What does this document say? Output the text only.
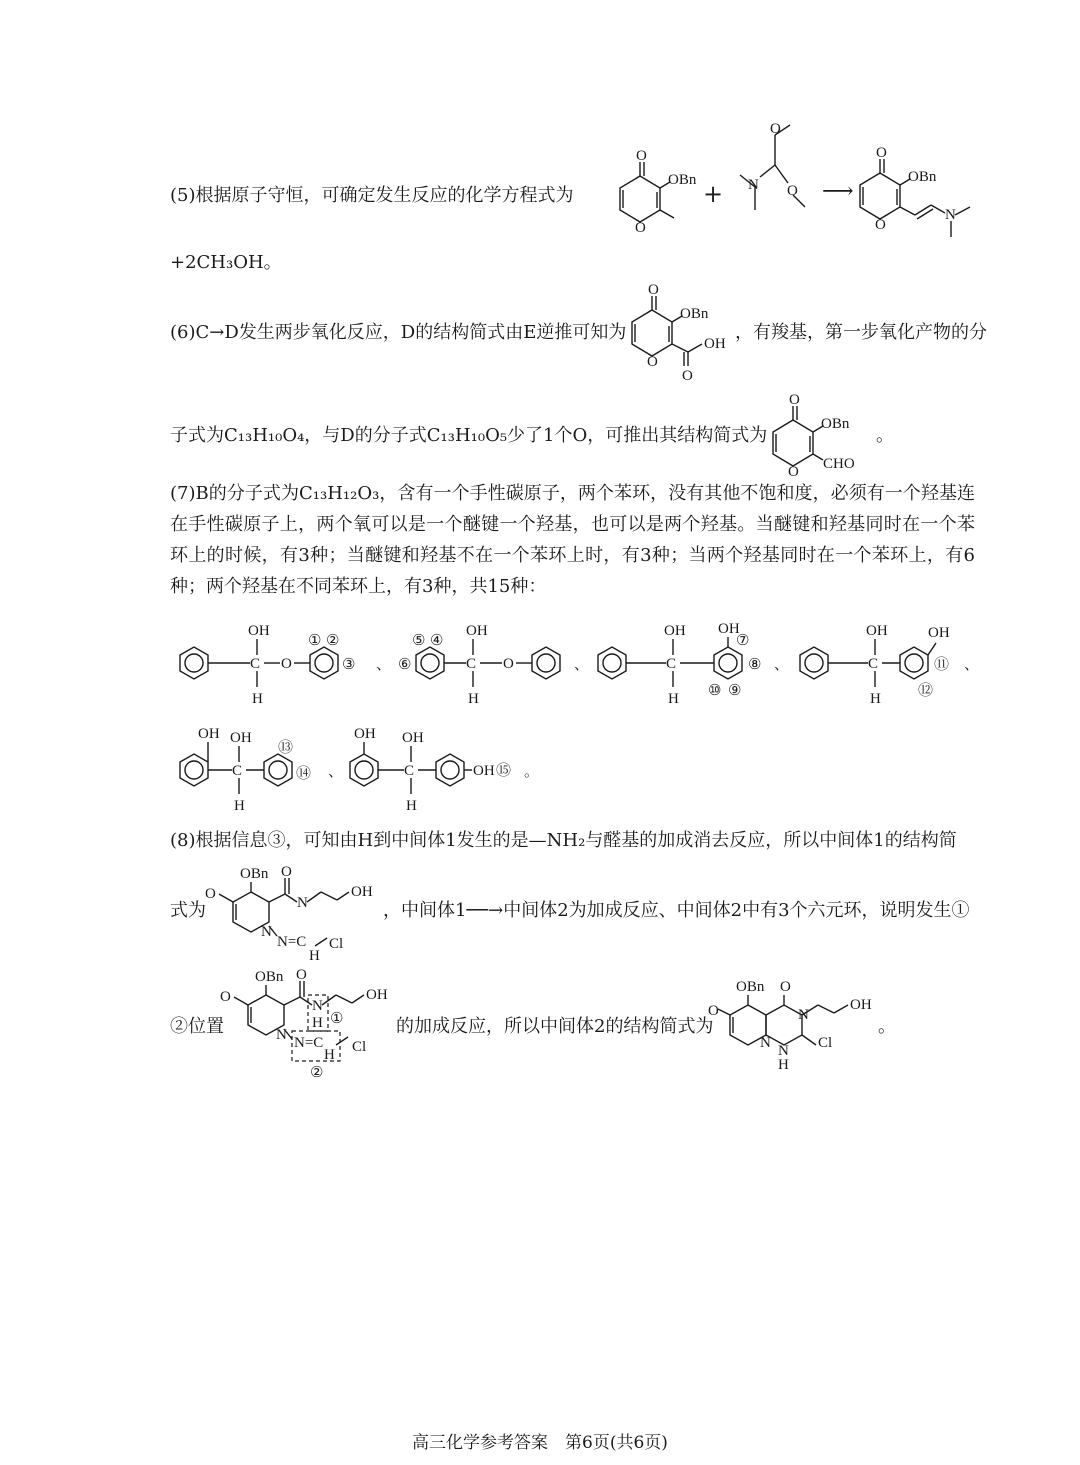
(5)根据原子守恒，可确定发生反应的化学方程式为
O
OBn
O
+
O
N O ⟶
O
OBn
O
N
+2CH₃OH。
(6)C→D发生两步氧化反应，D的结构简式由E逆推可知为
O
OBn
O
OH
O
，有羧基，第一步氧化产物的分
子式为C₁₃H₁₀O₄，与D的分子式C₁₃H₁₀O₅少了1个O，可推出其结构简式为
O
OBn
O CHO
。
(7)B的分子式为C₁₃H₁₂O₃，含有一个手性碳原子，两个苯环，没有其他不饱和度，必须有一个羟基连在手性碳原子上，两个氧可以是一个醚键一个羟基，也可以是两个羟基。当醚键和羟基同时在一个苯环上的时候，有3种；当醚键和羟基不在一个苯环上时，有3种；当两个羟基同时在一个苯环上，有6种；两个羟基在不同苯环上，有3种，共15种：
C
OH
H
O
① ②
③ 、	C
OH
H
O
⑤ ④
⑥	、	C
OH
H
OH
⑦
⑧
⑩ ⑨
、	C
OH
H
OH
⑪
⑫
、
OH
C
OH
H
⑬
⑭ 、
OH
C
OH
H
OH ⑮ 。
(8)根据信息③，可知由H到中间体1发生的是—NH₂与醛基的加成消去反应，所以中间体1的结构简
式为
OBn O
O
N
OH
N
N=C
H
Cl
，中间体1──→中间体2为加成反应、中间体2中有3个六元环，说明发生①
②位置
OBn O
O
N
H ①
OH
N N=C
H Cl
②
的加成反应，所以中间体2的结构简式为
OBn O
O	N
OH
N N
H
Cl
。
高三化学参考答案　第6页(共6页)
